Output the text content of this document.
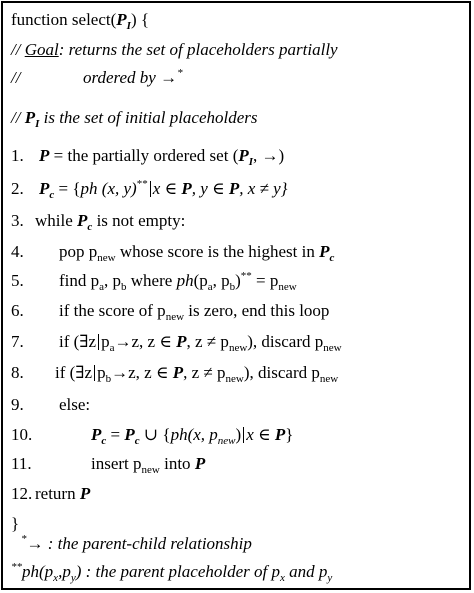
function $select(P_I)$ {
// Goal: returns the set of placeholders partially
//	ordered by →*
// $P_I$ is the set of initial placeholders
1. P = the partially ordered set ($P_I$, →)
2. $P_c = \{ph$ (x, y)** x ∈ P, y ∈ P, x ≠ y}
3. while $P_c$ is not empty:
4. pop $p_{new}$ whose score is the highest in $P_c$
5. find $p_a$, $p_b$ where $ph(p_a$, $p_b)^{**} = p_{new}$
6. if the score of $p_{new}$ is zero, end this loop
7. if (∃z $p_a\to z$, z ∈ P, $z \ne p_{new}$), discard $p_{new}$
8. if (∃z $p_b\to z$, z ∈ P, $z \ne p_{new}$), discard $p_{new}$
9. else:
10.	$P_c = P_c$ ∪ {ph(x, $p_{new}$) x ∈ P}
11.	insert $p_{new}$ into P
12. return P
}
*→ : the parent-child relationship
$^{**}ph(p_x,p_y)$ : the parent placeholder of $p_x$ and $p_y$
